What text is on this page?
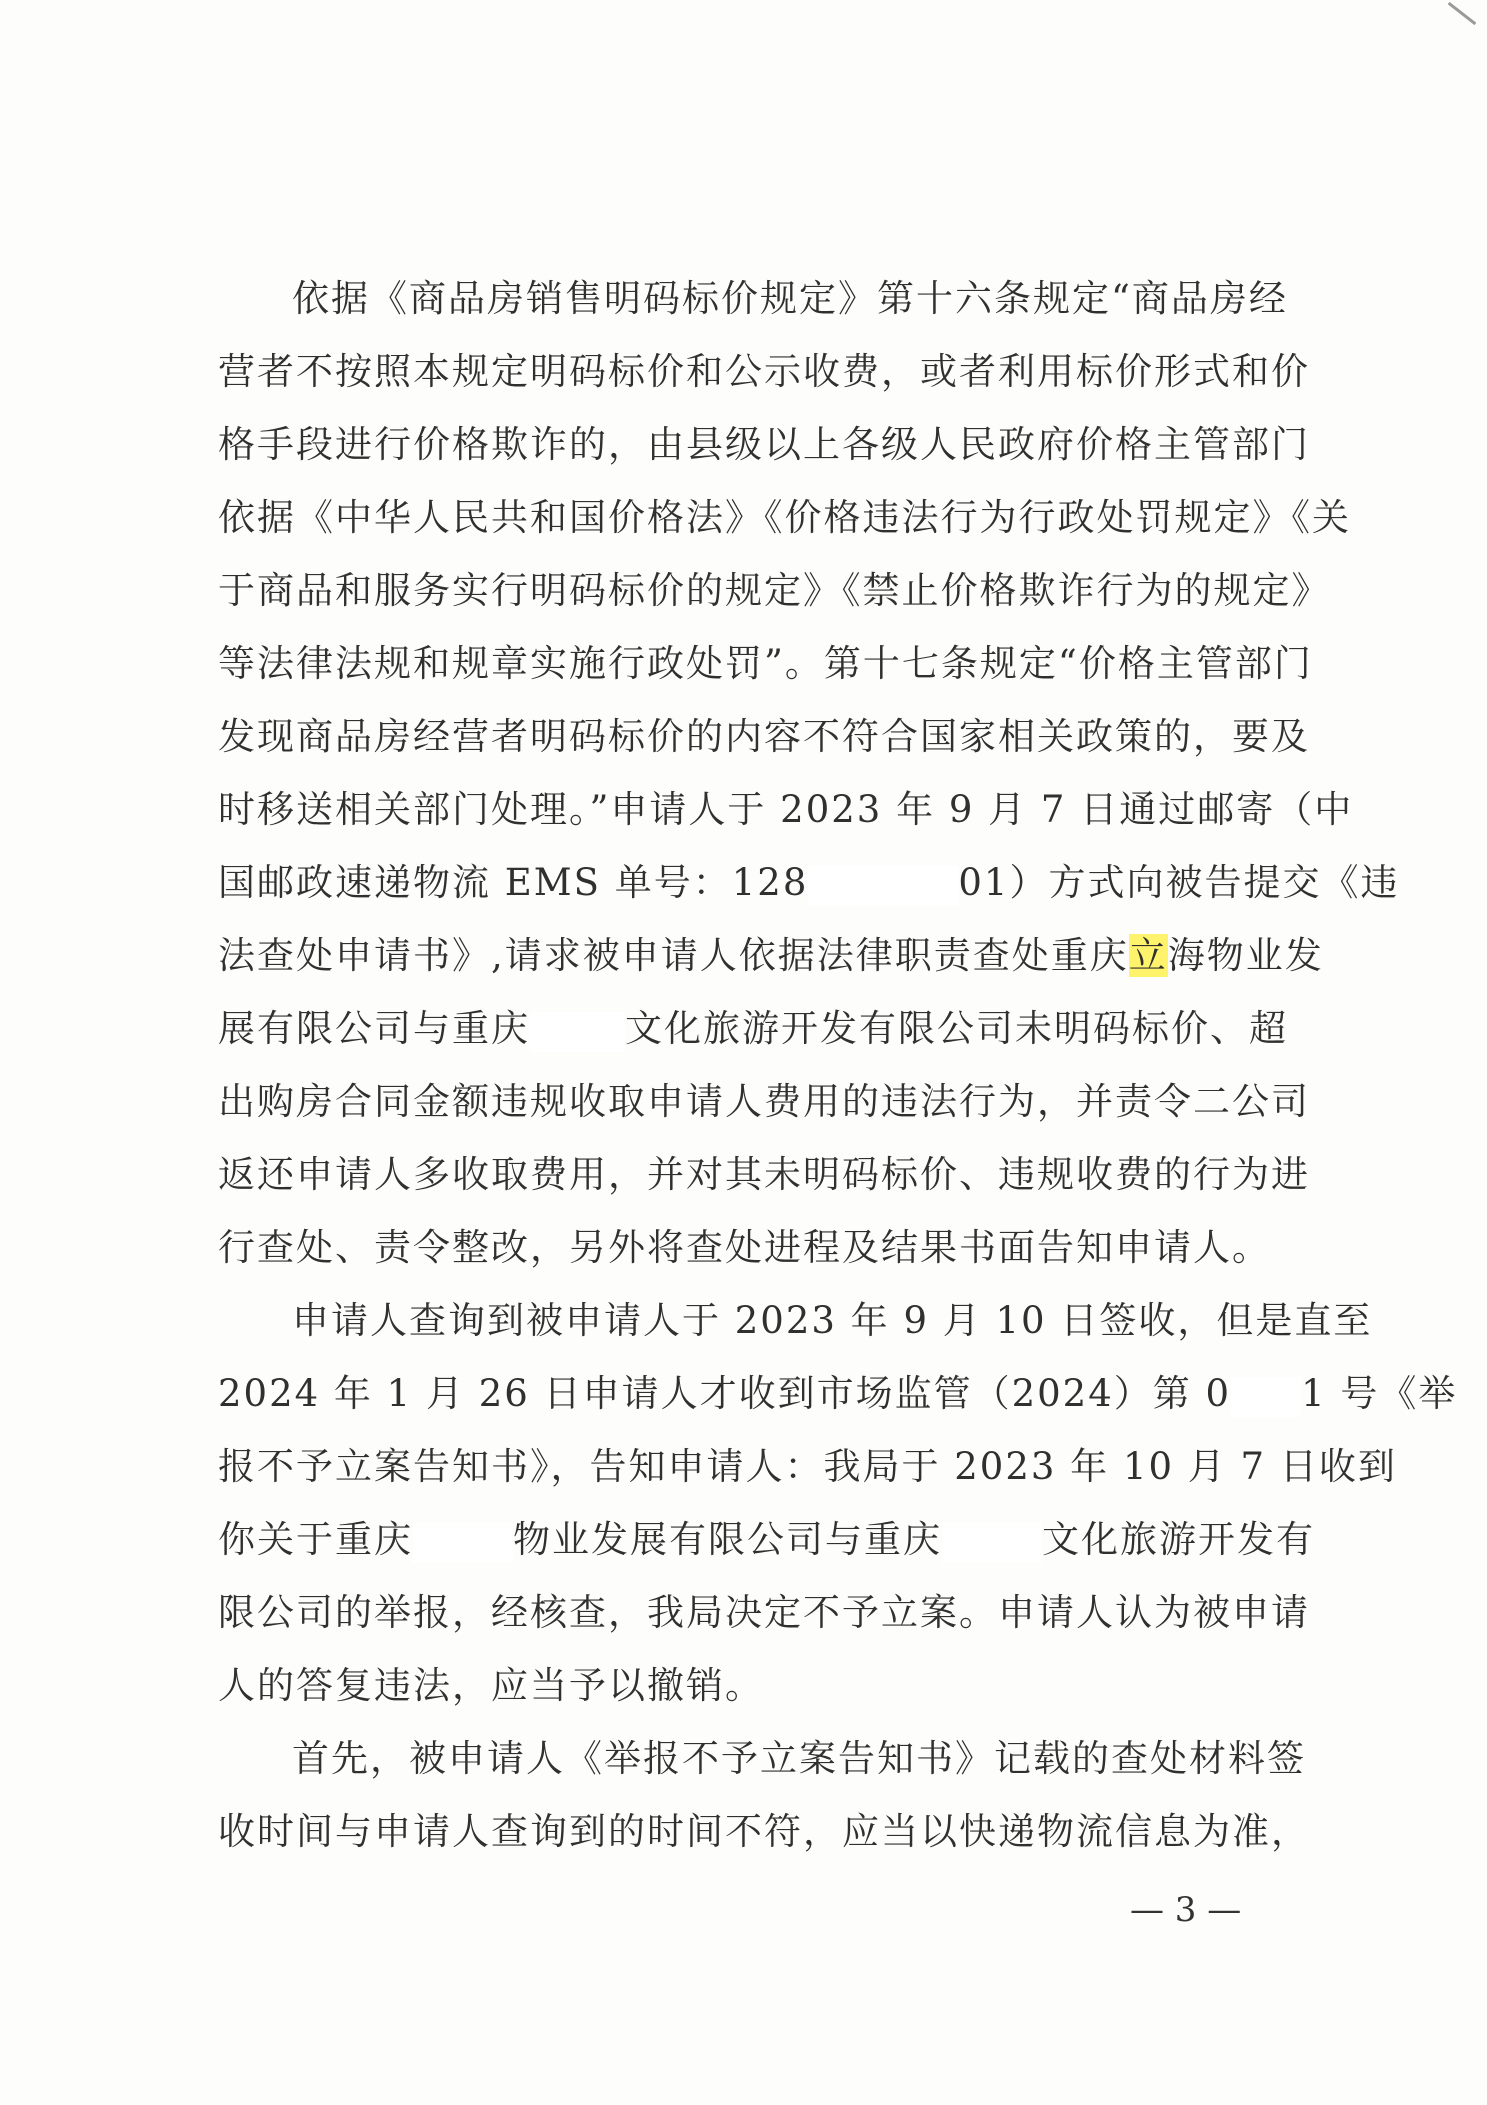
依据《商品房销售明码标价规定》第十六条规定“商品房经
营者不按照本规定明码标价和公示收费，或者利用标价形式和价
格手段进行价格欺诈的，由县级以上各级人民政府价格主管部门
依据《中华人民共和国价格法》《价格违法行为行政处罚规定》《关
于商品和服务实行明码标价的规定》《禁止价格欺诈行为的规定》
等法律法规和规章实施行政处罚”。第十七条规定“价格主管部门
发现商品房经营者明码标价的内容不符合国家相关政策的，要及
时移送相关部门处理。”申请人于 2023 年 9 月 7 日通过邮寄（中
国邮政速递物流 EMS 单号：128	01）方式向被告提交《违
法查处申请书》,请求被申请人依据法律职责查处重庆立海物业发
展有限公司与重庆	文化旅游开发有限公司未明码标价、超
出购房合同金额违规收取申请人费用的违法行为，并责令二公司
返还申请人多收取费用，并对其未明码标价、违规收费的行为进
行查处、责令整改，另外将查处进程及结果书面告知申请人。
申请人查询到被申请人于 2023 年 9 月 10 日签收，但是直至
2024 年 1 月 26 日申请人才收到市场监管（2024）第 0 1 号《举
报不予立案告知书》，告知申请人：我局于 2023 年 10 月 7 日收到
你关于重庆	物业发展有限公司与重庆	文化旅游开发有
限公司的举报，经核查，我局决定不予立案。申请人认为被申请
人的答复违法，应当予以撤销。
首先，被申请人《举报不予立案告知书》记载的查处材料签
收时间与申请人查询到的时间不符，应当以快递物流信息为准，
— 3 —
